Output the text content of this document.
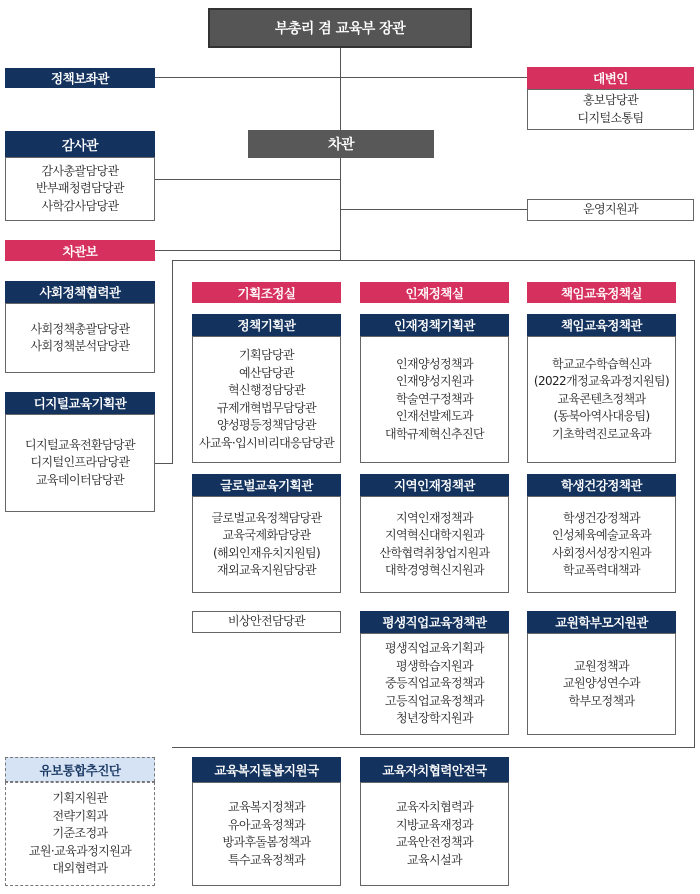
부총리 겸 교육부 장관
차관
정책보좌관
감사관
감사총괄담당관
반부패청렴담당관
사학감사담당관
차관보
사회정책협력관
사회정책총괄담당관
사회정책분석담당관
디지털교육기획관
디지털교육전환담당관
디지털인프라담당관
교육데이터담당관
유보통합추진단
기획지원관
전략기획과
기준조정과
교원·교육과정지원과
대외협력과
대변인
홍보담당관
디지털소통팀
운영지원과
기획조정실	인재정책실	책임교육정책실
정책기획관
기획담당관
예산담당관
혁신행정담당관
규제개혁법무담당관
양성평등정책담당관
사교육·입시비리대응담당관
글로벌교육기획관
글로벌교육정책담당관
교육국제화담당관
(해외인재유치지원팀)
재외교육지원담당관
비상안전담당관
인재정책기획관
인재양성정책과
인재양성지원과
학술연구정책과
인재선발제도과
대학규제혁신추진단
지역인재정책관
지역인재정책과
지역혁신대학지원과
산학협력취창업지원과
대학경영혁신지원과
평생직업교육정책관
평생직업교육기획과
평생학습지원과
중등직업교육정책과
고등직업교육정책과
청년장학지원과
책임교육정책관
학교교수학습혁신과
(2022개정교육과정지원팀)
교육콘텐츠정책과
(동북아역사대응팀)
기초학력진로교육과
학생건강정책관
학생건강정책과
인성체육예술교육과
사회정서성장지원과
학교폭력대책과
교원학부모지원관
교원정책과
교원양성연수과
학부모정책과
교육복지돌봄지원국
교육복지정책과
유아교육정책과
방과후돌봄정책과
특수교육정책과
교육자치협력안전국
교육자치협력과
지방교육재정과
교육안전정책과
교육시설과
